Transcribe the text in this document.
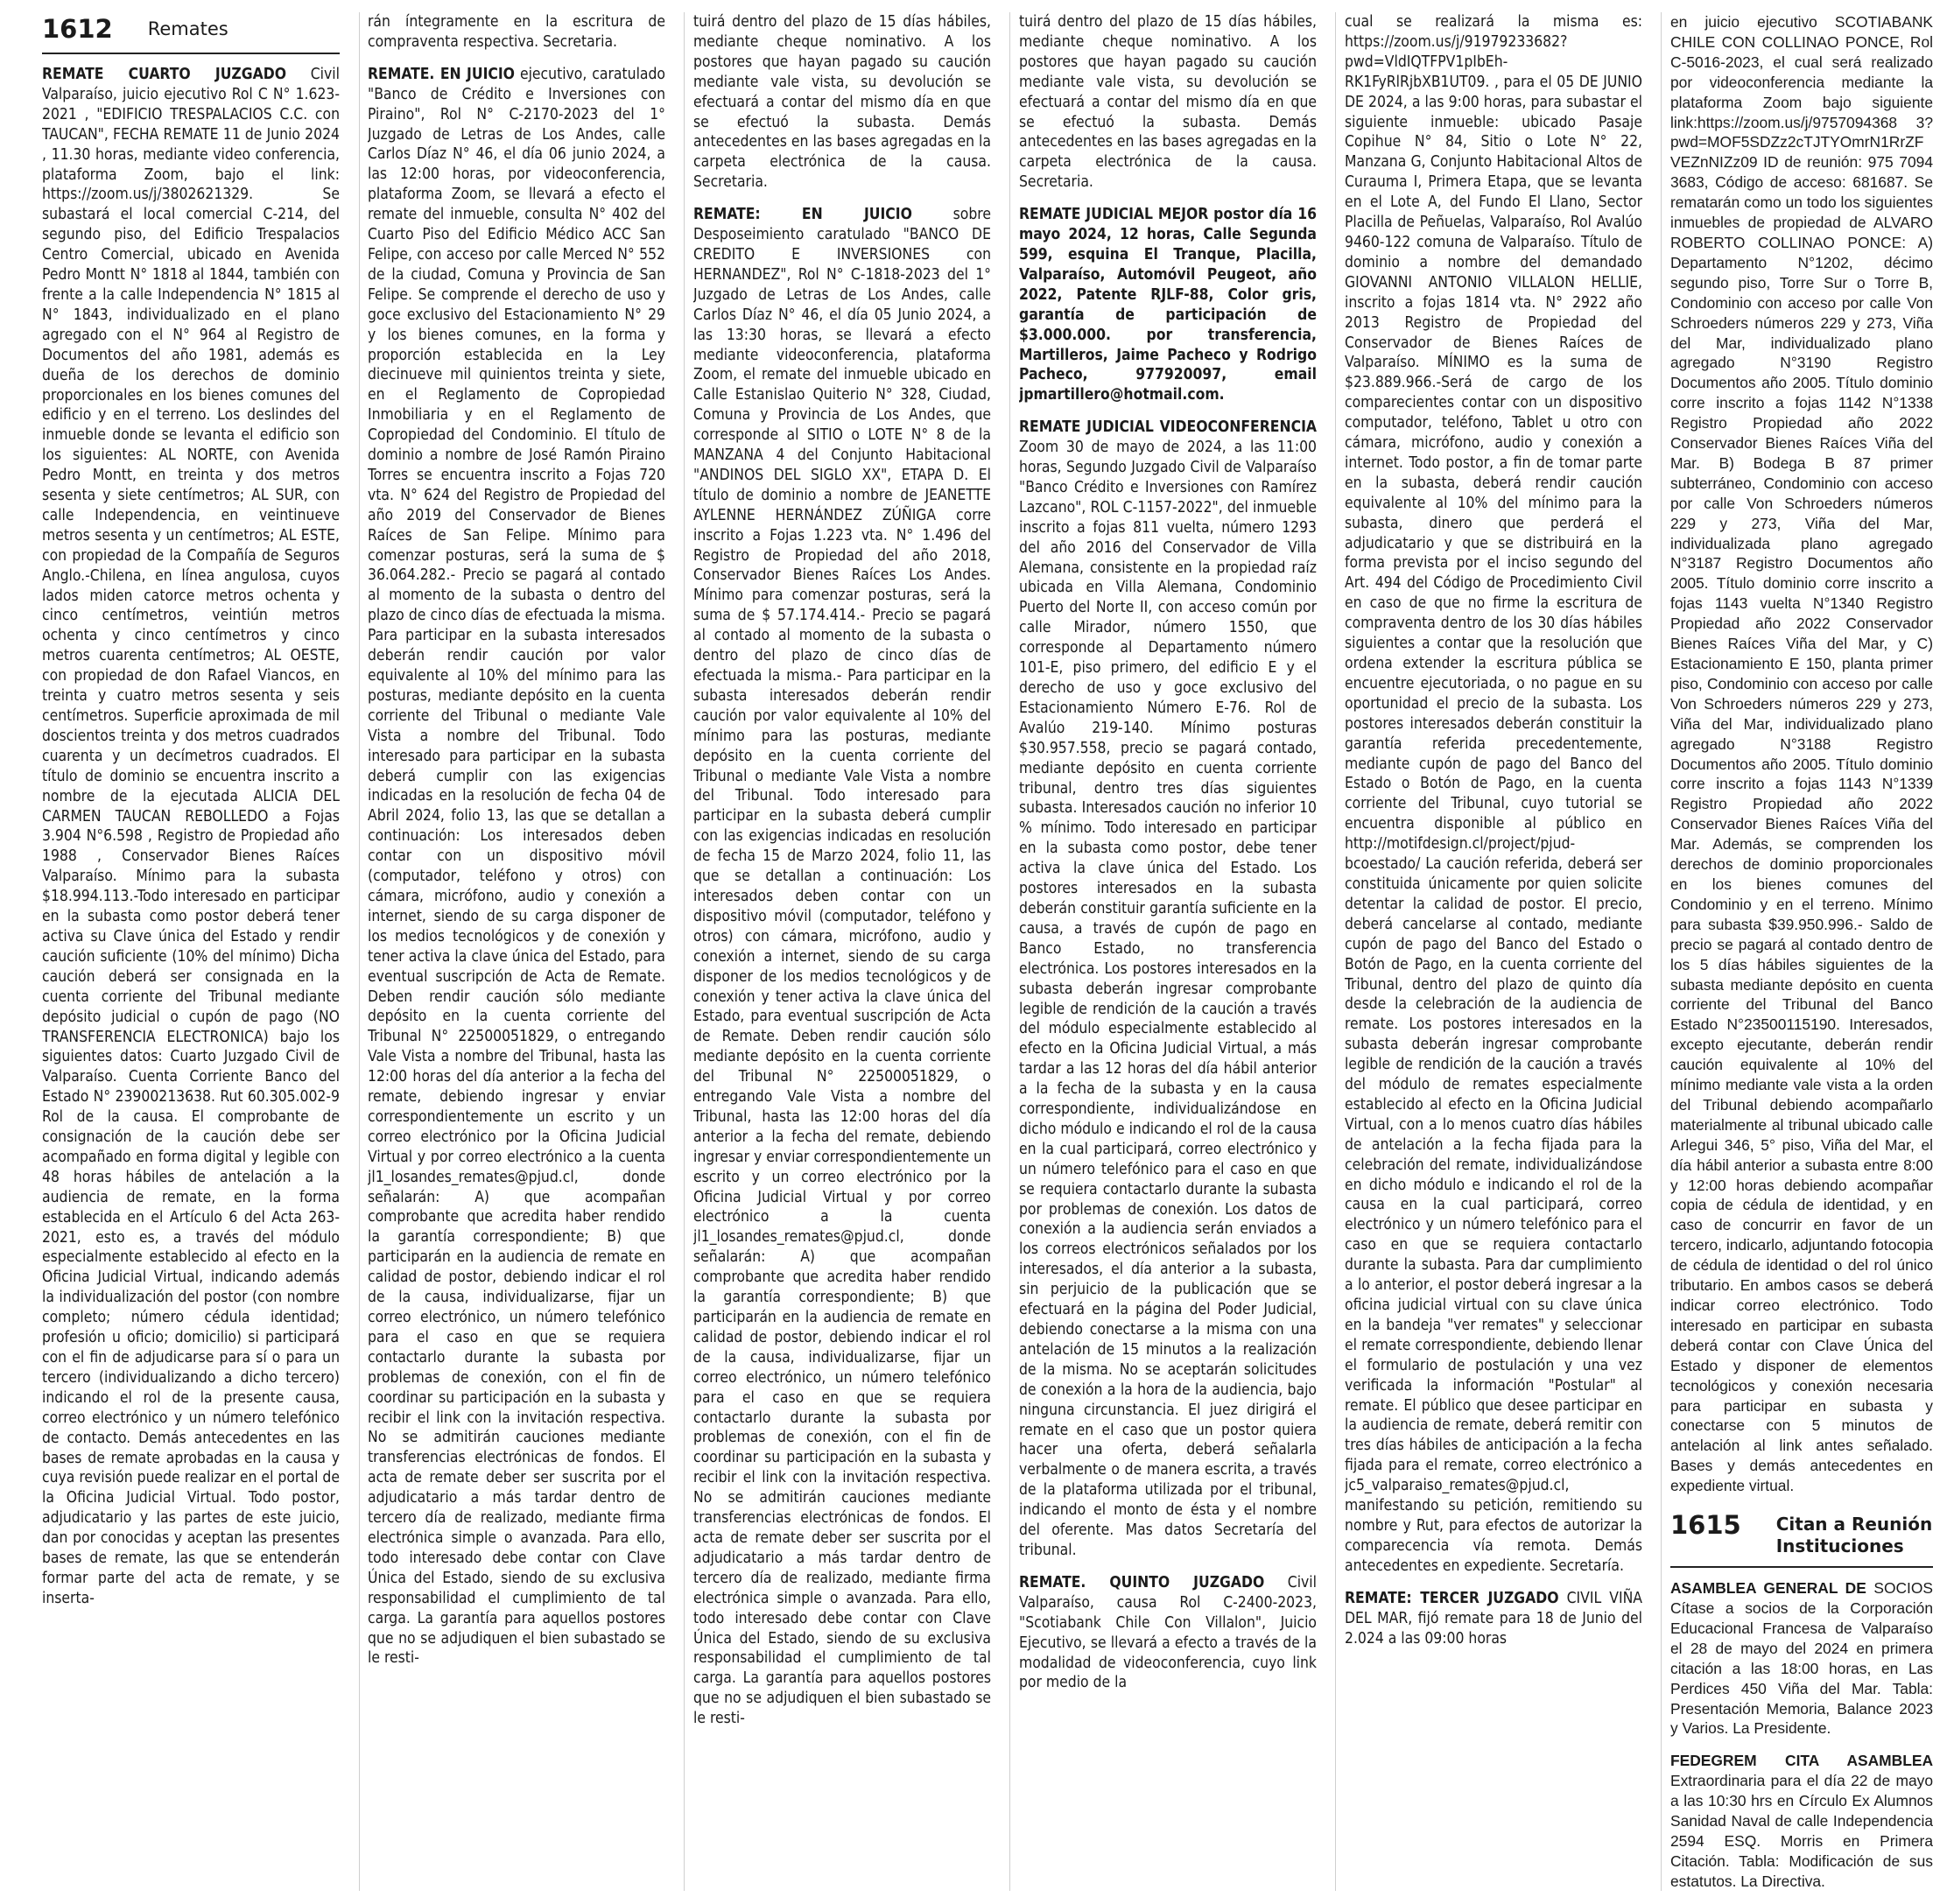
1612 Remates

REMATE CUARTO JUZGADO Civil Valparaíso, juicio ejecutivo Rol C N° 1.623-2021 , "EDIFICIO TRESPALACIOS C.C. con TAUCAN", FECHA REMATE 11 de Junio 2024 , 11.30 horas, mediante video conferencia, plataforma Zoom, bajo el link: https://zoom.us/j/3802621329. Se subastará el local comercial C-214, del segundo piso, del Edificio Trespalacios Centro Comercial, ubicado en Avenida Pedro Montt N° 1818 al 1844, también con frente a la calle Independencia N° 1815 al N° 1843, individualizado en el plano agregado con el N° 964 al Registro de Documentos del año 1981, además es dueña de los derechos de dominio proporcionales en los bienes comunes del edificio y en el terreno. Los deslindes del inmueble donde se levanta el edificio son los siguientes: AL NORTE, con Avenida Pedro Montt, en treinta y dos metros sesenta y siete centímetros; AL SUR, con calle Independencia, en veintinueve metros sesenta y un centímetros; AL ESTE, con propiedad de la Compañía de Seguros Anglo.-Chilena, en línea angulosa, cuyos lados miden catorce metros ochenta y cinco centímetros, veintiún metros ochenta y cinco centímetros y cinco metros cuarenta centímetros; AL OESTE, con propiedad de don Rafael Viancos, en treinta y cuatro metros sesenta y seis centímetros. Superficie aproximada de mil doscientos treinta y dos metros cuadrados cuarenta y un decímetros cuadrados. El título de dominio se encuentra inscrito a nombre de la ejecutada ALICIA DEL CARMEN TAUCAN REBOLLEDO a Fojas 3.904 N°6.598 , Registro de Propiedad año 1988 , Conservador Bienes Raíces Valparaíso. Mínimo para la subasta $18.994.113.-Todo interesado en participar en la subasta como postor deberá tener activa su Clave única del Estado y rendir caución suficiente (10% del mínimo) Dicha caución deberá ser consignada en la cuenta corriente del Tribunal mediante depósito judicial o cupón de pago (NO TRANSFERENCIA ELECTRONICA) bajo los siguientes datos: Cuarto Juzgado Civil de Valparaíso. Cuenta Corriente Banco del Estado N° 23900213638. Rut 60.305.002-9 Rol de la causa. El comprobante de consignación de la caución debe ser acompañado en forma digital y legible con 48 horas hábiles de antelación a la audiencia de remate, en la forma establecida en el Artículo 6 del Acta 263-2021, esto es, a través del módulo especialmente establecido al efecto en la Oficina Judicial Virtual, indicando además la individualización del postor (con nombre completo; número cédula identidad; profesión u oficio; domicilio) si participará con el fin de adjudicarse para sí o para un tercero (individualizando a dicho tercero) indicando el rol de la presente causa, correo electrónico y un número telefónico de contacto. Demás antecedentes en las bases de remate aprobadas en la causa y cuya revisión puede realizar en el portal de la Oficina Judicial Virtual. Todo postor, adjudicatario y las partes de este juicio, dan por conocidas y aceptan las presentes bases de remate, las que se entenderán formar parte del acta de remate, y se inserta-

rán íntegramente en la escritura de compraventa respectiva. Secretaria.

REMATE. EN JUICIO ejecutivo, caratulado "Banco de Crédito e Inversiones con Piraino", Rol N° C-2170-2023 del 1° Juzgado de Letras de Los Andes, calle Carlos Díaz N° 46, el día 06 junio 2024, a las 12:00 horas, por videoconferencia, plataforma Zoom, se llevará a efecto el remate del inmueble, consulta N° 402 del Cuarto Piso del Edificio Médico ACC San Felipe, con acceso por calle Merced N° 552 de la ciudad, Comuna y Provincia de San Felipe. Se comprende el derecho de uso y goce exclusivo del Estacionamiento N° 29 y los bienes comunes, en la forma y proporción establecida en la Ley diecinueve mil quinientos treinta y siete, en el Reglamento de Copropiedad Inmobiliaria y en el Reglamento de Copropiedad del Condominio. El título de dominio a nombre de José Ramón Piraino Torres se encuentra inscrito a Fojas 720 vta. N° 624 del Registro de Propiedad del año 2019 del Conservador de Bienes Raíces de San Felipe. Mínimo para comenzar posturas, será la suma de $ 36.064.282.- Precio se pagará al contado al momento de la subasta o dentro del plazo de cinco días de efectuada la misma. Para participar en la subasta interesados deberán rendir caución por valor equivalente al 10% del mínimo para las posturas, mediante depósito en la cuenta corriente del Tribunal o mediante Vale Vista a nombre del Tribunal. Todo interesado para participar en la subasta deberá cumplir con las exigencias indicadas en la resolución de fecha 04 de Abril 2024, folio 13, las que se detallan a continuación: Los interesados deben contar con un dispositivo móvil (computador, teléfono y otros) con cámara, micrófono, audio y conexión a internet, siendo de su carga disponer de los medios tecnológicos y de conexión y tener activa la clave única del Estado, para eventual suscripción de Acta de Remate. Deben rendir caución sólo mediante depósito en la cuenta corriente del Tribunal N° 22500051829, o entregando Vale Vista a nombre del Tribunal, hasta las 12:00 horas del día anterior a la fecha del remate, debiendo ingresar y enviar correspondientemente un escrito y un correo electrónico por la Oficina Judicial Virtual y por correo electrónico a la cuenta jl1_losandes_remates@pjud.cl, donde señalarán: A) que acompañan comprobante que acredita haber rendido la garantía correspondiente; B) que participarán en la audiencia de remate en calidad de postor, debiendo indicar el rol de la causa, individualizarse, fijar un correo electrónico, un número telefónico para el caso en que se requiera contactarlo durante la subasta por problemas de conexión, con el fin de coordinar su participación en la subasta y recibir el link con la invitación respectiva. No se admitirán cauciones mediante transferencias electrónicas de fondos. El acta de remate deber ser suscrita por el adjudicatario a más tardar dentro de tercero día de realizado, mediante firma electrónica simple o avanzada. Para ello, todo interesado debe contar con Clave Única del Estado, siendo de su exclusiva responsabilidad el cumplimiento de tal carga. La garantía para aquellos postores que no se adjudiquen el bien subastado se le resti-

tuirá dentro del plazo de 15 días hábiles, mediante cheque nominativo. A los postores que hayan pagado su caución mediante vale vista, su devolución se efectuará a contar del mismo día en que se efectuó la subasta. Demás antecedentes en las bases agregadas en la carpeta electrónica de la causa. Secretaria.

REMATE: EN JUICIO sobre Desposeimiento caratulado "BANCO DE CREDITO E INVERSIONES con HERNANDEZ", Rol N° C-1818-2023 del 1° Juzgado de Letras de Los Andes, calle Carlos Díaz N° 46, el día 05 Junio 2024, a las 13:30 horas, se llevará a efecto mediante videoconferencia, plataforma Zoom, el remate del inmueble ubicado en Calle Estanislao Quiterio N° 328, Ciudad, Comuna y Provincia de Los Andes, que corresponde al SITIO o LOTE N° 8 de la MANZANA 4 del Conjunto Habitacional "ANDINOS DEL SIGLO XX", ETAPA D. El título de dominio a nombre de JEANETTE AYLENNE HERNÁNDEZ ZÚÑIGA corre inscrito a Fojas 1.223 vta. N° 1.496 del Registro de Propiedad del año 2018, Conservador Bienes Raíces Los Andes. Mínimo para comenzar posturas, será la suma de $ 57.174.414.- Precio se pagará al contado al momento de la subasta o dentro del plazo de cinco días de efectuada la misma.- Para participar en la subasta interesados deberán rendir caución por valor equivalente al 10% del mínimo para las posturas, mediante depósito en la cuenta corriente del Tribunal o mediante Vale Vista a nombre del Tribunal. Todo interesado para participar en la subasta deberá cumplir con las exigencias indicadas en resolución de fecha 15 de Marzo 2024, folio 11, las que se detallan a continuación: Los interesados deben contar con un dispositivo móvil (computador, teléfono y otros) con cámara, micrófono, audio y conexión a internet, siendo de su carga disponer de los medios tecnológicos y de conexión y tener activa la clave única del Estado, para eventual suscripción de Acta de Remate. Deben rendir caución sólo mediante depósito en la cuenta corriente del Tribunal N° 22500051829, o entregando Vale Vista a nombre del Tribunal, hasta las 12:00 horas del día anterior a la fecha del remate, debiendo ingresar y enviar correspondientemente un escrito y un correo electrónico por la Oficina Judicial Virtual y por correo electrónico a la cuenta jl1_losandes_remates@pjud.cl, donde señalarán: A) que acompañan comprobante que acredita haber rendido la garantía correspondiente; B) que participarán en la audiencia de remate en calidad de postor, debiendo indicar el rol de la causa, individualizarse, fijar un correo electrónico, un número telefónico para el caso en que se requiera contactarlo durante la subasta por problemas de conexión, con el fin de coordinar su participación en la subasta y recibir el link con la invitación respectiva. No se admitirán cauciones mediante transferencias electrónicas de fondos. El acta de remate deber ser suscrita por el adjudicatario a más tardar dentro de tercero día de realizado, mediante firma electrónica simple o avanzada. Para ello, todo interesado debe contar con Clave Única del Estado, siendo de su exclusiva responsabilidad el cumplimiento de tal carga. La garantía para aquellos postores que no se adjudiquen el bien subastado se le resti-

tuirá dentro del plazo de 15 días hábiles, mediante cheque nominativo. A los postores que hayan pagado su caución mediante vale vista, su devolución se efectuará a contar del mismo día en que se efectuó la subasta. Demás antecedentes en las bases agregadas en la carpeta electrónica de la causa. Secretaria.

REMATE JUDICIAL MEJOR postor día 16 mayo 2024, 12 horas, Calle Segunda 599, esquina El Tranque, Placilla, Valparaíso, Automóvil Peugeot, año 2022, Patente RJLF-88, Color gris, garantía de participación de $3.000.000. por transferencia, Martilleros, Jaime Pacheco y Rodrigo Pacheco, 977920097, email jpmartillero@hotmail.com.

REMATE JUDICIAL VIDEOCONFERENCIA Zoom 30 de mayo de 2024, a las 11:00 horas, Segundo Juzgado Civil de Valparaíso "Banco Crédito e Inversiones con Ramírez Lazcano", ROL C-1157-2022", del inmueble inscrito a fojas 811 vuelta, número 1293 del año 2016 del Conservador de Villa Alemana, consistente en la propiedad raíz ubicada en Villa Alemana, Condominio Puerto del Norte II, con acceso común por calle Mirador, número 1550, que corresponde al Departamento número 101-E, piso primero, del edificio E y el derecho de uso y goce exclusivo del Estacionamiento Número E-76. Rol de Avalúo 219-140. Mínimo posturas $30.957.558, precio se pagará contado, mediante depósito en cuenta corriente tribunal, dentro tres días siguientes subasta. Interesados caución no inferior 10 % mínimo. Todo interesado en participar en la subasta como postor, debe tener activa la clave única del Estado. Los postores interesados en la subasta deberán constituir garantía suficiente en la causa, a través de cupón de pago en Banco Estado, no transferencia electrónica. Los postores interesados en la subasta deberán ingresar comprobante legible de rendición de la caución a través del módulo especialmente establecido al efecto en la Oficina Judicial Virtual, a más tardar a las 12 horas del día hábil anterior a la fecha de la subasta y en la causa correspondiente, individualizándose en dicho módulo e indicando el rol de la causa en la cual participará, correo electrónico y un número telefónico para el caso en que se requiera contactarlo durante la subasta por problemas de conexión. Los datos de conexión a la audiencia serán enviados a los correos electrónicos señalados por los interesados, el día anterior a la subasta, sin perjuicio de la publicación que se efectuará en la página del Poder Judicial, debiendo conectarse a la misma con una antelación de 15 minutos a la realización de la misma. No se aceptarán solicitudes de conexión a la hora de la audiencia, bajo ninguna circunstancia. El juez dirigirá el remate en el caso que un postor quiera hacer una oferta, deberá señalarla verbalmente o de manera escrita, a través de la plataforma utilizada por el tribunal, indicando el monto de ésta y el nombre del oferente. Mas datos Secretaría del tribunal.

REMATE. QUINTO JUZGADO Civil Valparaíso, causa Rol C-2400-2023, "Scotiabank Chile Con Villalon", Juicio Ejecutivo, se llevará a efecto a través de la modalidad de videoconferencia, cuyo link por medio de la

cual se realizará la misma es: https://zoom.us/j/91979233682?pwd=VldIQTFPV1pIbEh-RK1FyRlRjbXB1UT09. , para el 05 DE JUNIO DE 2024, a las 9:00 horas, para subastar el siguiente inmueble: ubicado Pasaje Copihue N° 84, Sitio o Lote N° 22, Manzana G, Conjunto Habitacional Altos de Curauma I, Primera Etapa, que se levanta en el Lote A, del Fundo El Llano, Sector Placilla de Peñuelas, Valparaíso, Rol Avalúo 9460-122 comuna de Valparaíso. Título de dominio a nombre del demandado GIOVANNI ANTONIO VILLALON HELLIE, inscrito a fojas 1814 vta. N° 2922 año 2013 Registro de Propiedad del Conservador de Bienes Raíces de Valparaíso. MÍNIMO es la suma de $23.889.966.-Será de cargo de los comparecientes contar con un dispositivo computador, teléfono, Tablet u otro con cámara, micrófono, audio y conexión a internet. Todo postor, a fin de tomar parte en la subasta, deberá rendir caución equivalente al 10% del mínimo para la subasta, dinero que perderá el adjudicatario y que se distribuirá en la forma prevista por el inciso segundo del Art. 494 del Código de Procedimiento Civil en caso de que no firme la escritura de compraventa dentro de los 30 días hábiles siguientes a contar que la resolución que ordena extender la escritura pública se encuentre ejecutoriada, o no pague en su oportunidad el precio de la subasta. Los postores interesados deberán constituir la garantía referida precedentemente, mediante cupón de pago del Banco del Estado o Botón de Pago, en la cuenta corriente del Tribunal, cuyo tutorial se encuentra disponible al público en http://motifdesign.cl/project/pjud-bcoestado/ La caución referida, deberá ser constituida únicamente por quien solicite detentar la calidad de postor. El precio, deberá cancelarse al contado, mediante cupón de pago del Banco del Estado o Botón de Pago, en la cuenta corriente del Tribunal, dentro del plazo de quinto día desde la celebración de la audiencia de remate. Los postores interesados en la subasta deberán ingresar comprobante legible de rendición de la caución a través del módulo de remates especialmente establecido al efecto en la Oficina Judicial Virtual, con a lo menos cuatro días hábiles de antelación a la fecha fijada para la celebración del remate, individualizándose en dicho módulo e indicando el rol de la causa en la cual participará, correo electrónico y un número telefónico para el caso en que se requiera contactarlo durante la subasta. Para dar cumplimiento a lo anterior, el postor deberá ingresar a la oficina judicial virtual con su clave única en la bandeja "ver remates" y seleccionar el remate correspondiente, debiendo llenar el formulario de postulación y una vez verificada la información "Postular" al remate. El público que desee participar en la audiencia de remate, deberá remitir con tres días hábiles de anticipación a la fecha fijada para el remate, correo electrónico a jc5_valparaiso_remates@pjud.cl, manifestando su petición, remitiendo su nombre y Rut, para efectos de autorizar la comparecencia vía remota. Demás antecedentes en expediente. Secretaría.

REMATE: TERCER JUZGADO CIVIL VIÑA DEL MAR, fijó remate para 18 de Junio del 2.024 a las 09:00 horas

en juicio ejecutivo SCOTIABANK CHILE CON COLLINAO PONCE, Rol C-5016-2023, el cual será realizado por videoconferencia mediante la plataforma Zoom bajo siguiente link:https://zoom.us/j/9757094368 3?pwd=MOF5SDZz2cTJTYOmrN1RrZF VEZnNIZz09 ID de reunión: 975 7094 3683, Código de acceso: 681687. Se rematarán como un todo los siguientes inmuebles de propiedad de ALVARO ROBERTO COLLINAO PONCE: A) Departamento N°1202, décimo segundo piso, Torre Sur o Torre B, Condominio con acceso por calle Von Schroeders números 229 y 273, Viña del Mar, individualizado plano agregado N°3190 Registro Documentos año 2005. Título dominio corre inscrito a fojas 1142 N°1338 Registro Propiedad año 2022 Conservador Bienes Raíces Viña del Mar. B) Bodega B 87 primer subterráneo, Condominio con acceso por calle Von Schroeders números 229 y 273, Viña del Mar, individualizada plano agregado N°3187 Registro Documentos año 2005. Título dominio corre inscrito a fojas 1143 vuelta N°1340 Registro Propiedad año 2022 Conservador Bienes Raíces Viña del Mar, y C) Estacionamiento E 150, planta primer piso, Condominio con acceso por calle Von Schroeders números 229 y 273, Viña del Mar, individualizado plano agregado N°3188 Registro Documentos año 2005. Título dominio corre inscrito a fojas 1143 N°1339 Registro Propiedad año 2022 Conservador Bienes Raíces Viña del Mar. Además, se comprenden los derechos de dominio proporcionales en los bienes comunes del Condominio y en el terreno. Mínimo para subasta $39.950.996.- Saldo de precio se pagará al contado dentro de los 5 días hábiles siguientes de la subasta mediante depósito en cuenta corriente del Tribunal del Banco Estado N°23500115190. Interesados, excepto ejecutante, deberán rendir caución equivalente al 10% del mínimo mediante vale vista a la orden del Tribunal debiendo acompañarlo materialmente al tribunal ubicado calle Arlegui 346, 5° piso, Viña del Mar, el día hábil anterior a subasta entre 8:00 y 12:00 horas debiendo acompañar copia de cédula de identidad, y en caso de concurrir en favor de un tercero, indicarlo, adjuntando fotocopia de cédula de identidad o del rol único tributario. En ambos casos se deberá indicar correo electrónico. Todo interesado en participar en subasta deberá contar con Clave Única del Estado y disponer de elementos tecnológicos y conexión necesaria para participar en subasta y conectarse con 5 minutos de antelación al link antes señalado. Bases y demás antecedentes en expediente virtual.

1615 Citan a Reunión Instituciones

ASAMBLEA GENERAL DE SOCIOS Cítase a socios de la Corporación Educacional Francesa de Valparaíso el 28 de mayo del 2024 en primera citación a las 18:00 horas, en Las Perdices 450 Viña del Mar. Tabla: Presentación Memoria, Balance 2023 y Varios. La Presidente.

FEDEGREM CITA ASAMBLEA Extraordinaria para el día 22 de mayo a las 10:30 hrs en Círculo Ex Alumnos Sanidad Naval de calle Independencia 2594 ESQ. Morris en Primera Citación. Tabla: Modificación de sus estatutos. La Directiva.
